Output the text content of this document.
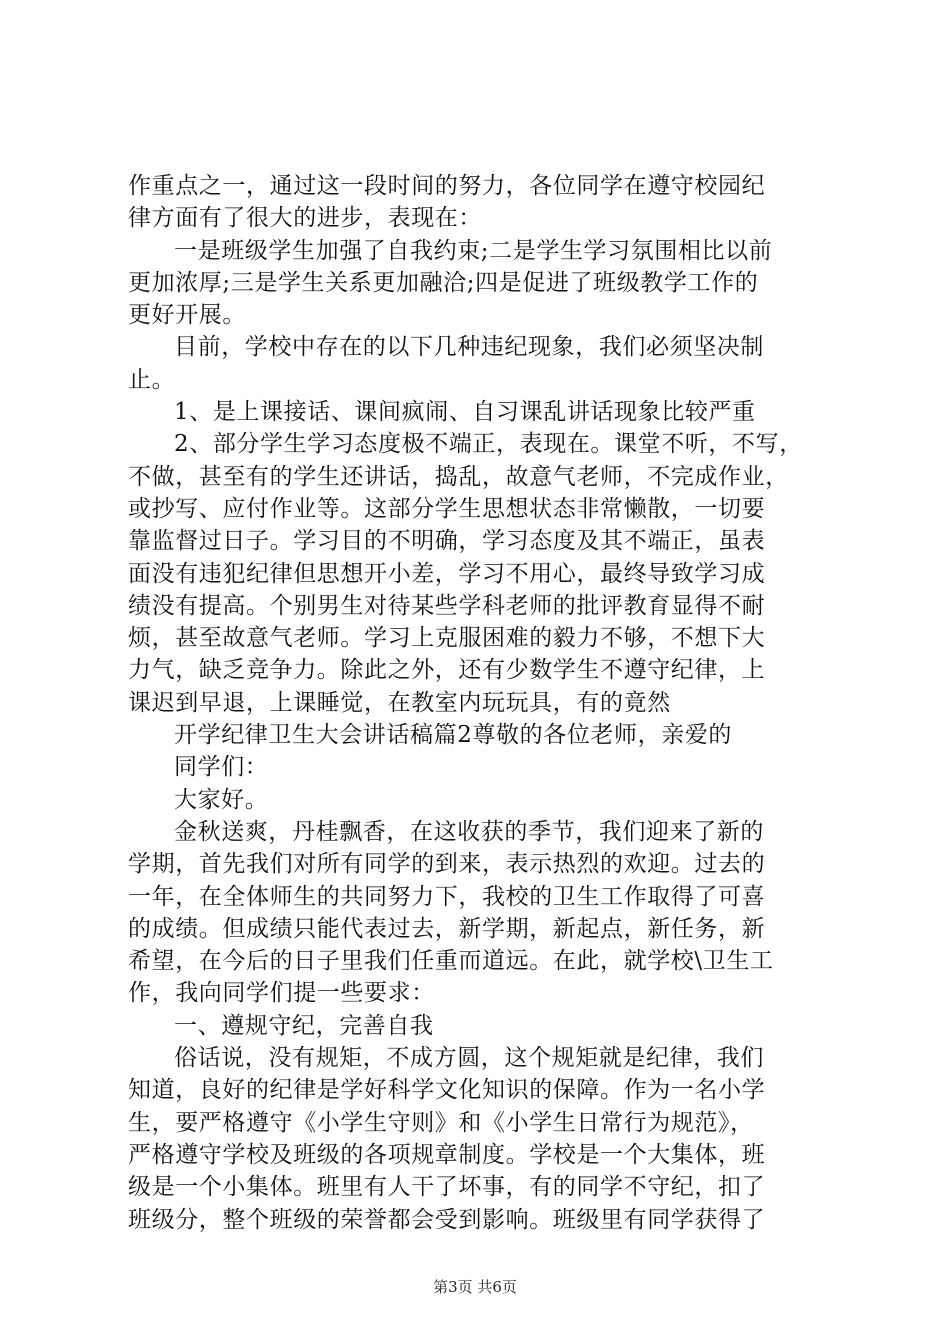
作重点之一，通过这一段时间的努力，各位同学在遵守校园纪
律方面有了很大的进步，表现在：
一是班级学生加强了自我约束;二是学生学习氛围相比以前
更加浓厚;三是学生关系更加融洽;四是促进了班级教学工作的
更好开展。
目前，学校中存在的以下几种违纪现象，我们必须坚决制
止。
1、是上课接话、课间疯闹、自习课乱讲话现象比较严重
2、部分学生学习态度极不端正，表现在。课堂不听，不写，
不做，甚至有的学生还讲话，捣乱，故意气老师，不完成作业，
或抄写、应付作业等。这部分学生思想状态非常懒散，一切要
靠监督过日子。学习目的不明确，学习态度及其不端正，虽表
面没有违犯纪律但思想开小差，学习不用心，最终导致学习成
绩没有提高。个别男生对待某些学科老师的批评教育显得不耐
烦，甚至故意气老师。学习上克服困难的毅力不够，不想下大
力气，缺乏竞争力。除此之外，还有少数学生不遵守纪律，上
课迟到早退，上课睡觉，在教室内玩玩具，有的竟然
开学纪律卫生大会讲话稿篇2尊敬的各位老师，亲爱的
同学们：
大家好。
金秋送爽，丹桂飘香，在这收获的季节，我们迎来了新的
学期，首先我们对所有同学的到来，表示热烈的欢迎。过去的
一年，在全体师生的共同努力下，我校的卫生工作取得了可喜
的成绩。但成绩只能代表过去，新学期，新起点，新任务，新
希望，在今后的日子里我们任重而道远。在此，就学校\卫生工
作，我向同学们提一些要求：
一、遵规守纪，完善自我
俗话说，没有规矩，不成方圆，这个规矩就是纪律，我们
知道，良好的纪律是学好科学文化知识的保障。作为一名小学
生，要严格遵守《小学生守则》和《小学生日常行为规范》，
严格遵守学校及班级的各项规章制度。学校是一个大集体，班
级是一个小集体。班里有人干了坏事，有的同学不守纪，扣了
班级分，整个班级的荣誉都会受到影响。班级里有同学获得了
第3页 共6页
